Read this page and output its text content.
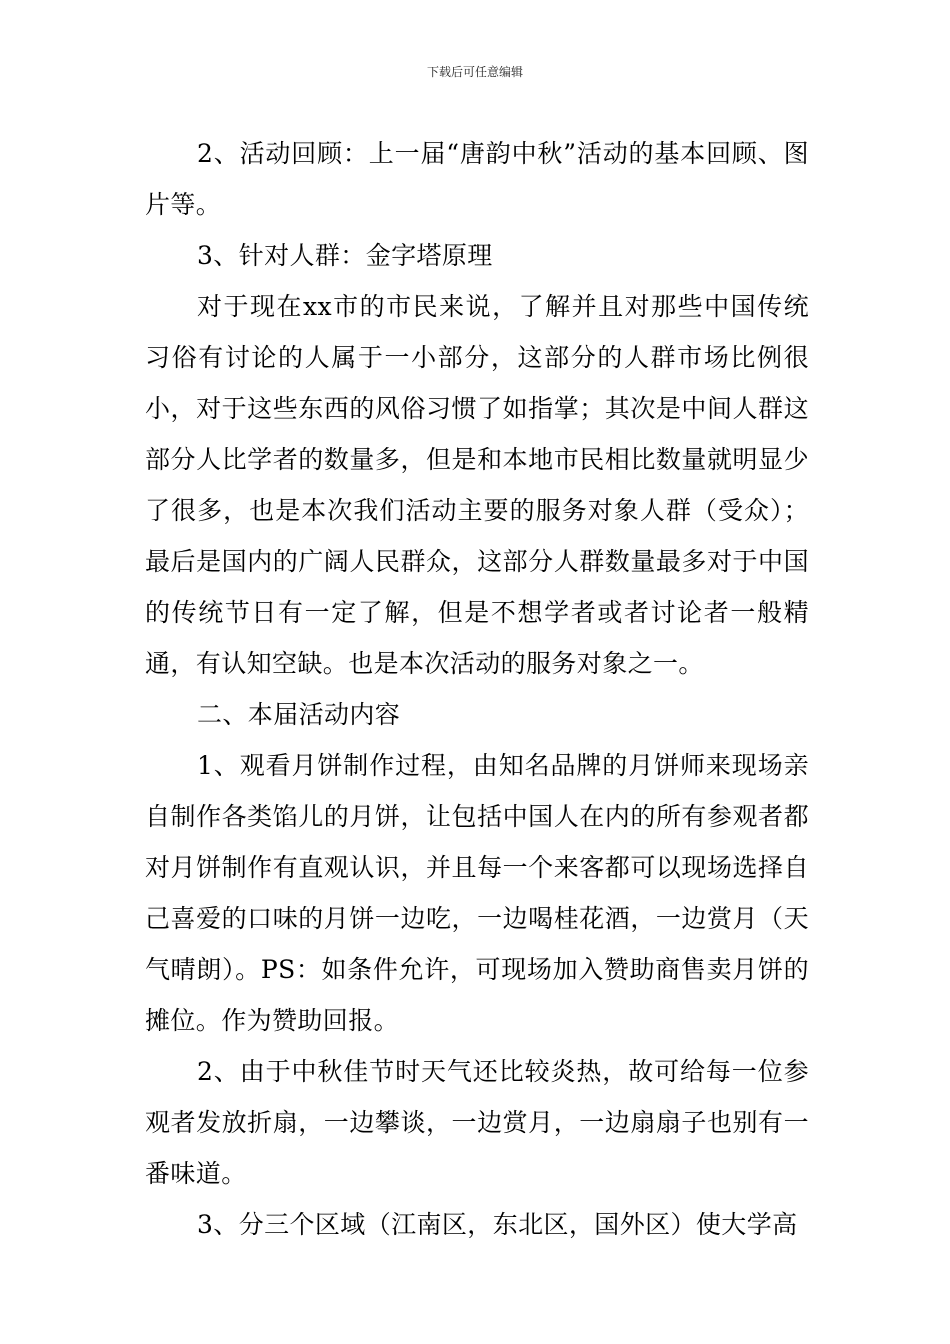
下载后可任意编辑

2、活动回顾：上一届“唐韵中秋”活动的基本回顾、图片等。

3、针对人群：金字塔原理

对于现在xx市的市民来说，了解并且对那些中国传统习俗有讨论的人属于一小部分，这部分的人群市场比例很小，对于这些东西的风俗习惯了如指掌；其次是中间人群这部分人比学者的数量多，但是和本地市民相比数量就明显少了很多，也是本次我们活动主要的服务对象人群（受众）；最后是国内的广阔人民群众，这部分人群数量最多对于中国的传统节日有一定了解，但是不想学者或者讨论者一般精通，有认知空缺。也是本次活动的服务对象之一。

二、本届活动内容

1、观看月饼制作过程，由知名品牌的月饼师来现场亲自制作各类馅儿的月饼，让包括中国人在内的所有参观者都对月饼制作有直观认识，并且每一个来客都可以现场选择自己喜爱的口味的月饼一边吃，一边喝桂花酒，一边赏月（天气晴朗）。PS：如条件允许，可现场加入赞助商售卖月饼的摊位。作为赞助回报。

2、由于中秋佳节时天气还比较炎热，故可给每一位参观者发放折扇，一边攀谈，一边赏月，一边扇扇子也别有一番味道。

3、分三个区域（江南区，东北区，国外区）使大学高
